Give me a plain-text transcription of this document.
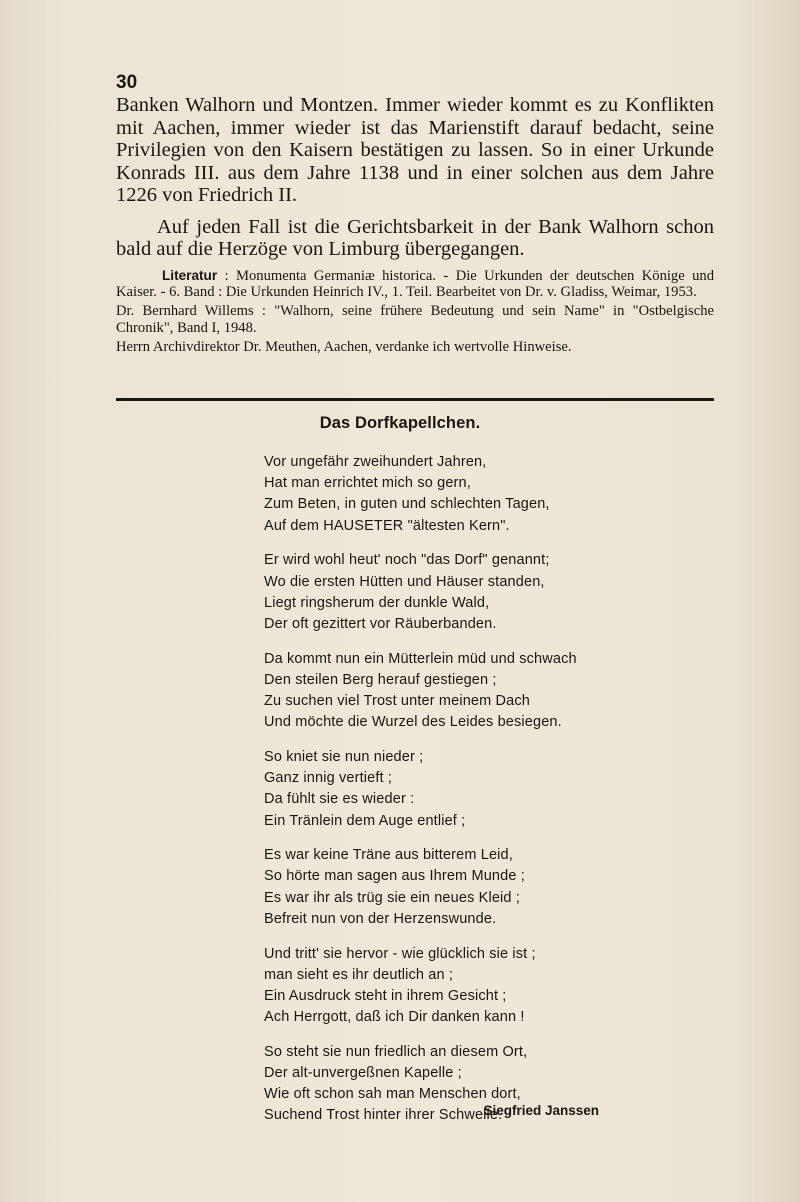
30

Banken Walhorn und Montzen. Immer wieder kommt es zu Konflikten mit Aachen, immer wieder ist das Marienstift darauf bedacht, seine Privilegien von den Kaisern bestätigen zu lassen. So in einer Urkunde Konrads III. aus dem Jahre 1138 und in einer solchen aus dem Jahre 1226 von Friedrich II.

Auf jeden Fall ist die Gerichtsbarkeit in der Bank Walhorn schon bald auf die Herzöge von Limburg übergegangen.

Literatur : Monumenta Germaniæ historica. - Die Urkunden der deutschen Könige und Kaiser. - 6. Band : Die Urkunden Heinrich IV., 1. Teil. Bearbeitet von Dr. v. Gladiss, Weimar, 1953.

Dr. Bernhard Willems : "Walhorn, seine frühere Bedeutung und sein Name" in "Ostbelgische Chronik", Band I, 1948.

Herrn Archivdirektor Dr. Meuthen, Aachen, verdanke ich wertvolle Hinweise.

Das Dorfkapellchen.
Vor ungefähr zweihundert Jahren,
Hat man errichtet mich so gern,
Zum Beten, in guten und schlechten Tagen,
Auf dem HAUSETER "ältesten Kern".
Er wird wohl heut' noch "das Dorf" genannt;
Wo die ersten Hütten und Häuser standen,
Liegt ringsherum der dunkle Wald,
Der oft gezittert vor Räuberbanden.
Da kommt nun ein Mütterlein müd und schwach
Den steilen Berg herauf gestiegen ;
Zu suchen viel Trost unter meinem Dach
Und möchte die Wurzel des Leides besiegen.
So kniet sie nun nieder ;
Ganz innig vertieft ;
Da fühlt sie es wieder :
Ein Tränlein dem Auge entlief ;
Es war keine Träne aus bitterem Leid,
So hörte man sagen aus Ihrem Munde ;
Es war ihr als trüg sie ein neues Kleid ;
Befreit nun von der Herzenswunde.
Und tritt' sie hervor - wie glücklich sie ist ;
man sieht es ihr deutlich an ;
Ein Ausdruck steht in ihrem Gesicht ;
Ach Herrgott, daß ich Dir danken kann !
So steht sie nun friedlich an diesem Ort,
Der alt-unvergeßnen Kapelle ;
Wie oft schon sah man Menschen dort,
Suchend Trost hinter ihrer Schwelle.
Siegfried Janssen
